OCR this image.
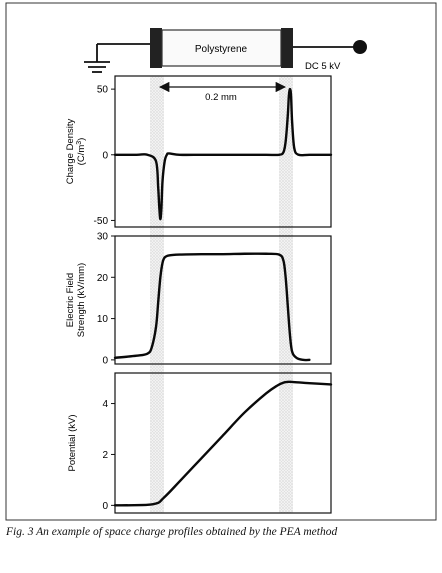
Polystyrene
DC 5 kV
0.2 mm
-50
0
50
Charge $Density(C/m^3)$
0
10
20
30
Electric FieldStrength (kV/mm)
0
2
4
Potential (kV)
Fig. 3 An example of space charge profiles obtained by the PEA method
